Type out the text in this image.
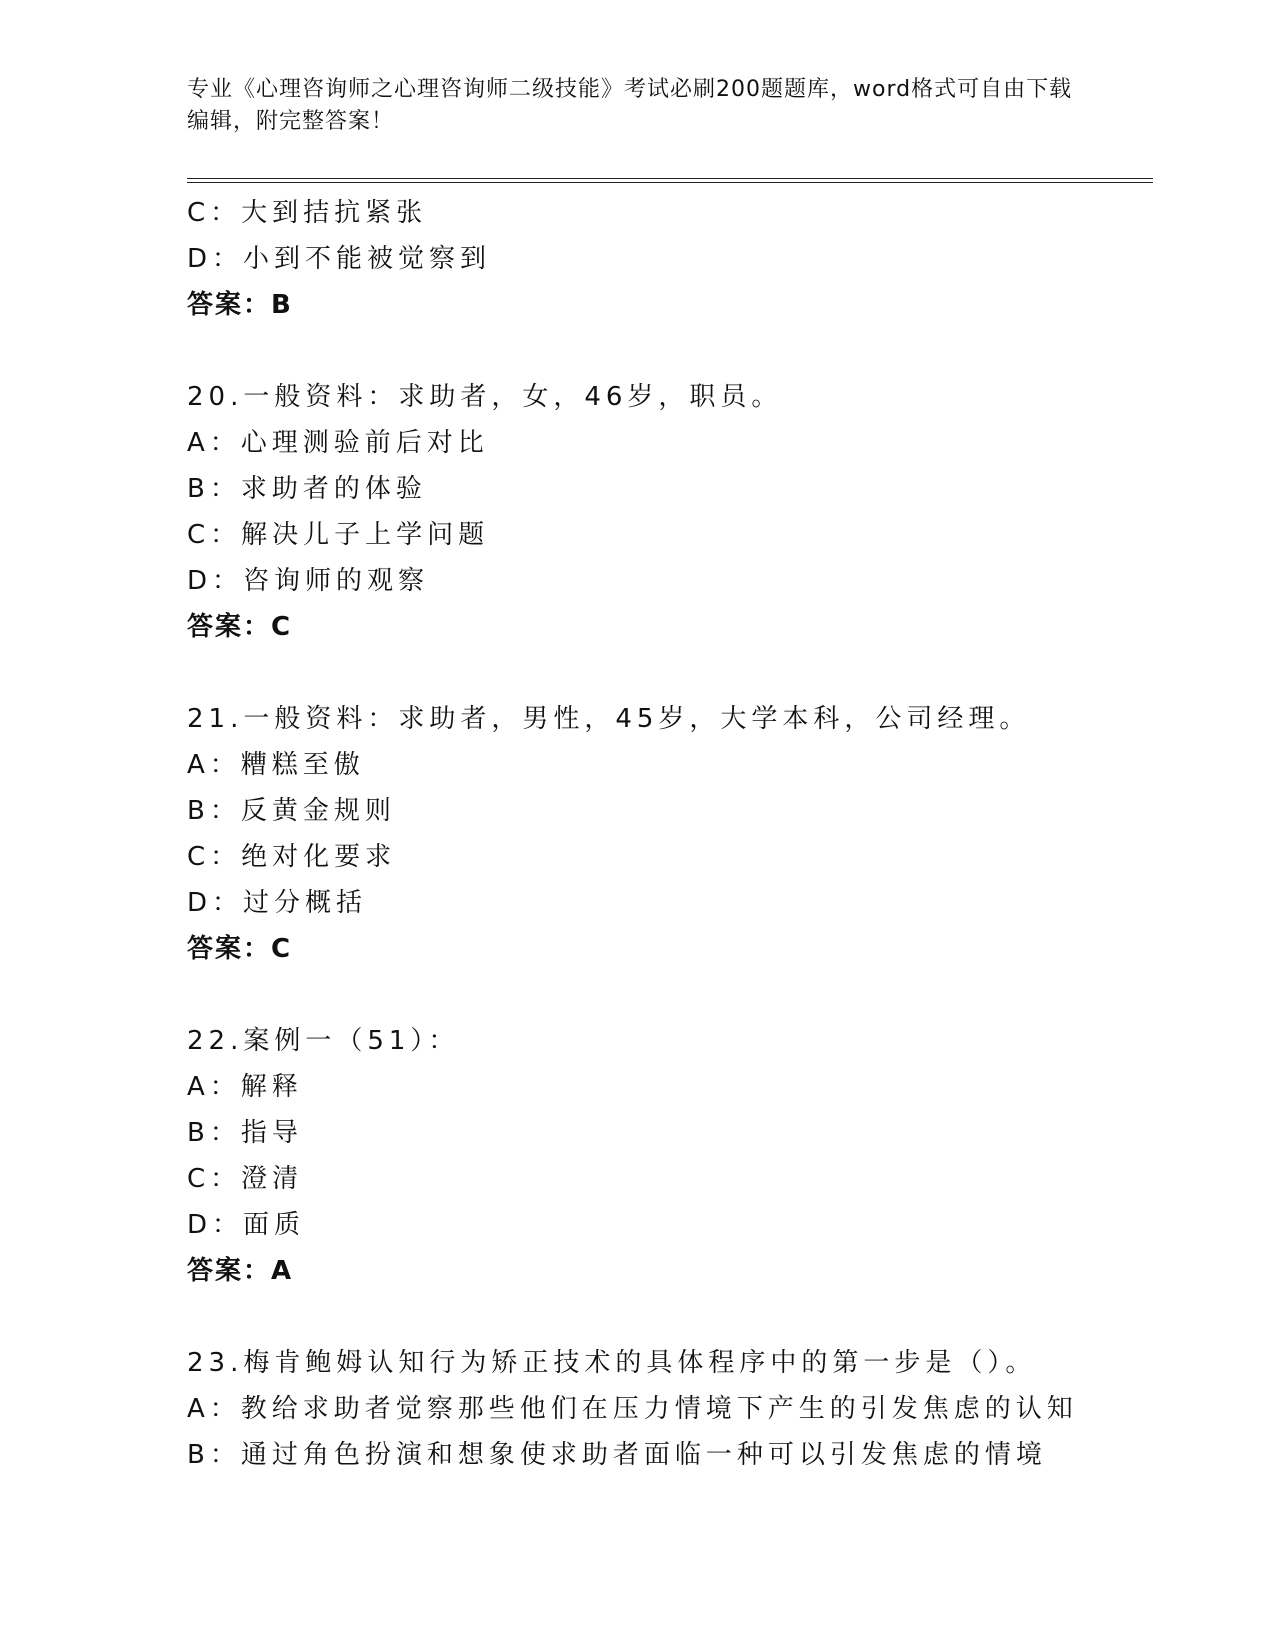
专业《心理咨询师之心理咨询师二级技能》考试必刷200题题库，word格式可自由下载编辑，附完整答案！
C：大到拮抗紧张
D：小到不能被觉察到
答案：B
20.一般资料：求助者，女，46岁，职员。
A：心理测验前后对比
B：求助者的体验
C：解决儿子上学问题
D：咨询师的观察
答案：C
21.一般资料：求助者，男性，45岁，大学本科，公司经理。
A：糟糕至傲
B：反黄金规则
C：绝对化要求
D：过分概括
答案：C
22.案例一（51）：
A：解释
B：指导
C：澄清
D：面质
答案：A
23.梅肯鲍姆认知行为矫正技术的具体程序中的第一步是（）。
A：教给求助者觉察那些他们在压力情境下产生的引发焦虑的认知
B：通过角色扮演和想象使求助者面临一种可以引发焦虑的情境
